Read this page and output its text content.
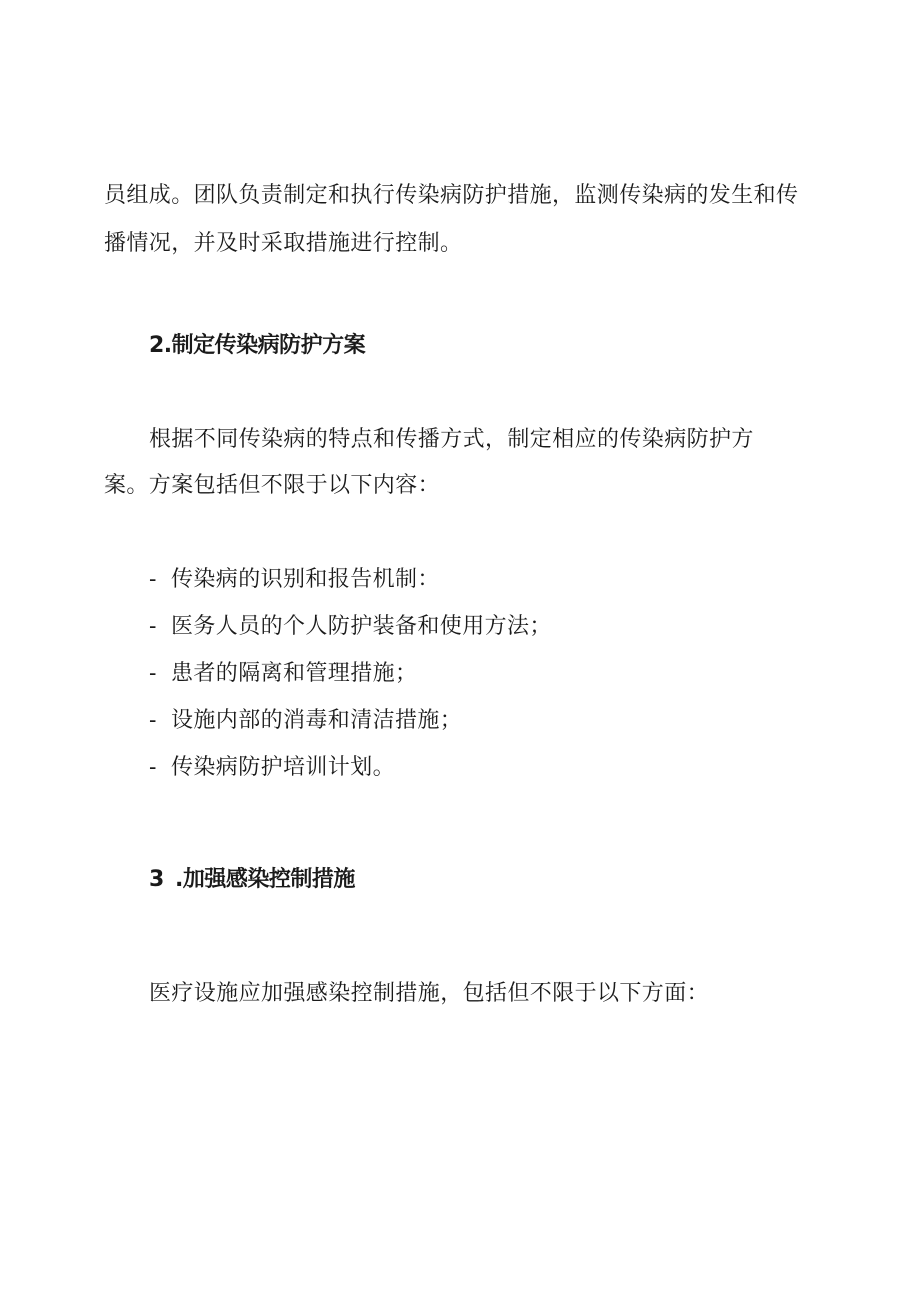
员组成。团队负责制定和执行传染病防护措施，监测传染病的发生和传
播情况，并及时采取措施进行控制。
2.制定传染病防护方案
根据不同传染病的特点和传播方式，制定相应的传染病防护方
案。方案包括但不限于以下内容：
- 传染病的识别和报告机制：
- 医务人员的个人防护装备和使用方法；
- 患者的隔离和管理措施；
- 设施内部的消毒和清洁措施；
- 传染病防护培训计划。
3 .加强感染控制措施
医疗设施应加强感染控制措施，包括但不限于以下方面：
